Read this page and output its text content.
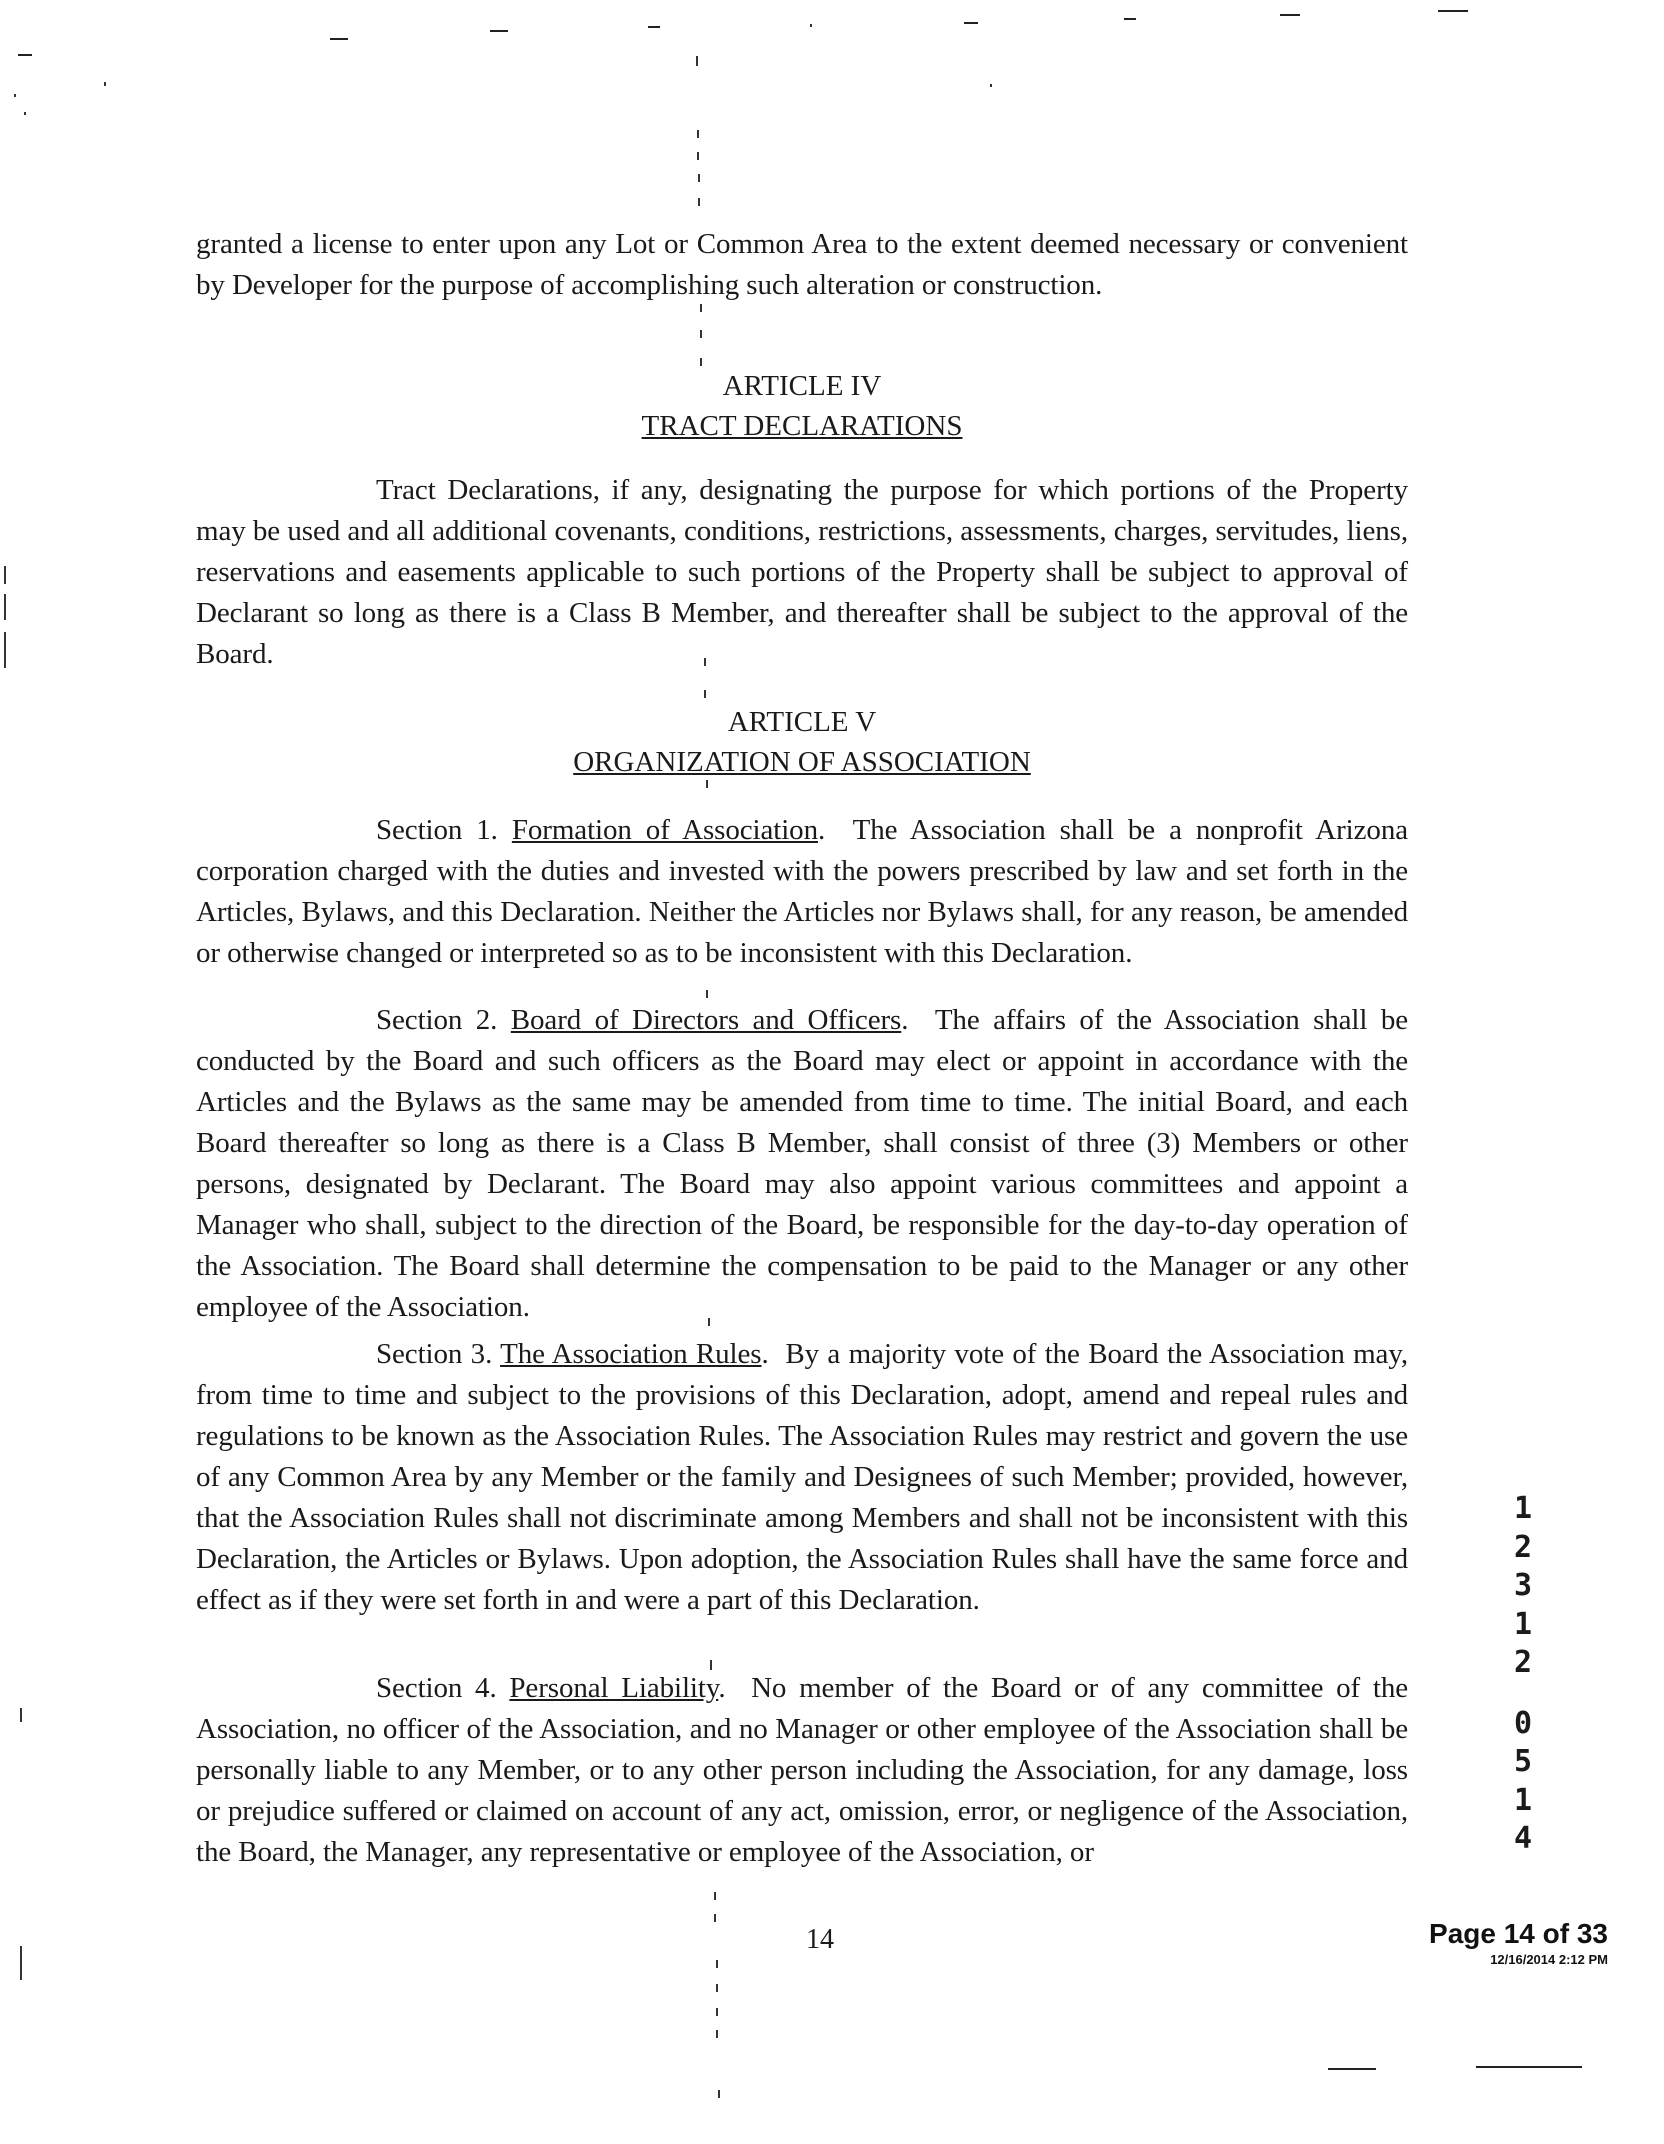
granted a license to enter upon any Lot or Common Area to the extent deemed necessary or convenient by Developer for the purpose of accomplishing such alteration or construction.
ARTICLE IV
TRACT DECLARATIONS
Tract Declarations, if any, designating the purpose for which portions of the Property may be used and all additional covenants, conditions, restrictions, assessments, charges, servitudes, liens, reservations and easements applicable to such portions of the Property shall be subject to approval of Declarant so long as there is a Class B Member, and thereafter shall be subject to the approval of the Board.
ARTICLE V
ORGANIZATION OF ASSOCIATION
Section 1. Formation of Association.  The Association shall be a nonprofit Arizona corporation charged with the duties and invested with the powers prescribed by law and set forth in the Articles, Bylaws, and this Declaration. Neither the Articles nor Bylaws shall, for any reason, be amended or otherwise changed or interpreted so as to be inconsistent with this Declaration.
Section 2. Board of Directors and Officers.  The affairs of the Association shall be conducted by the Board and such officers as the Board may elect or appoint in accordance with the Articles and the Bylaws as the same may be amended from time to time. The initial Board, and each Board thereafter so long as there is a Class B Member, shall consist of three (3) Members or other persons, designated by Declarant. The Board may also appoint various committees and appoint a Manager who shall, subject to the direction of the Board, be responsible for the day-to-day operation of the Association. The Board shall determine the compensation to be paid to the Manager or any other employee of the Association.
Section 3. The Association Rules.  By a majority vote of the Board the Association may, from time to time and subject to the provisions of this Declaration, adopt, amend and repeal rules and regulations to be known as the Association Rules. The Association Rules may restrict and govern the use of any Common Area by any Member or the family and Designees of such Member; provided, however, that the Association Rules shall not discriminate among Members and shall not be inconsistent with this Declaration, the Articles or Bylaws. Upon adoption, the Association Rules shall have the same force and effect as if they were set forth in and were a part of this Declaration.
Section 4. Personal Liability.  No member of the Board or of any committee of the Association, no officer of the Association, and no Manager or other employee of the Association shall be personally liable to any Member, or to any other person including the Association, for any damage, loss or prejudice suffered or claimed on account of any act, omission, error, or negligence of the Association, the Board, the Manager, any representative or employee of the Association, or
14	Page 14 of 33
12/16/2014 2:12 PM
1
2
3
1
2
0
5
1
4
